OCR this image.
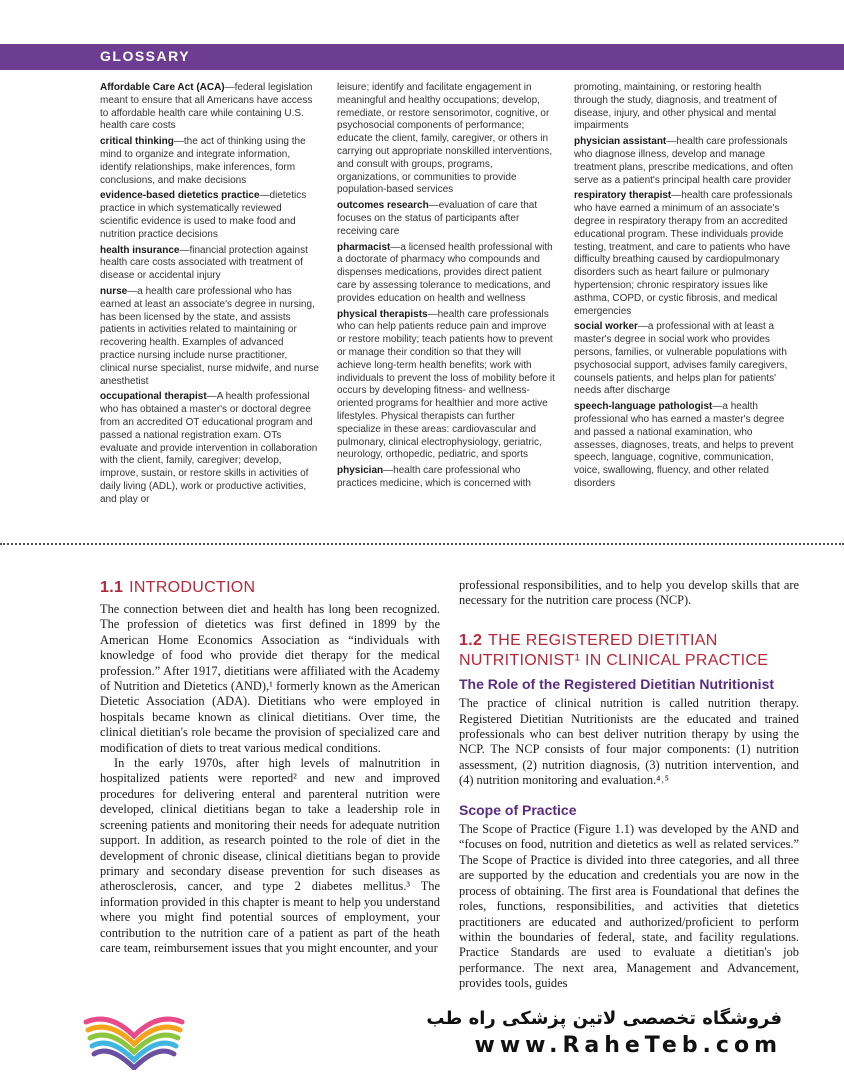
GLOSSARY

Affordable Care Act (ACA)—federal legislation meant to ensure that all Americans have access to affordable health care while containing U.S. health care costs

critical thinking—the act of thinking using the mind to organize and integrate information, identify relationships, make inferences, form conclusions, and make decisions

evidence-based dietetics practice—dietetics practice in which systematically reviewed scientific evidence is used to make food and nutrition practice decisions

health insurance—financial protection against health care costs associated with treatment of disease or accidental injury

nurse—a health care professional who has earned at least an associate's degree in nursing, has been licensed by the state, and assists patients in activities related to maintaining or recovering health. Examples of advanced practice nursing include nurse practitioner, clinical nurse specialist, nurse midwife, and nurse anesthetist

occupational therapist—A health professional who has obtained a master's or doctoral degree from an accredited OT educational program and passed a national registration exam. OTs evaluate and provide intervention in collaboration with the client, family, caregiver; develop, improve, sustain, or restore skills in activities of daily living (ADL), work or productive activities, and play or

leisure; identify and facilitate engagement in meaningful and healthy occupations; develop, remediate, or restore sensorimotor, cognitive, or psychosocial components of performance; educate the client, family, caregiver, or others in carrying out appropriate nonskilled interventions, and consult with groups, programs, organizations, or communities to provide population-based services

outcomes research—evaluation of care that focuses on the status of participants after receiving care

pharmacist—a licensed health professional with a doctorate of pharmacy who compounds and dispenses medications, provides direct patient care by assessing tolerance to medications, and provides education on health and wellness

physical therapists—health care professionals who can help patients reduce pain and improve or restore mobility; teach patients how to prevent or manage their condition so that they will achieve long-term health benefits; work with individuals to prevent the loss of mobility before it occurs by developing fitness- and wellness-oriented programs for healthier and more active lifestyles. Physical therapists can further specialize in these areas: cardiovascular and pulmonary, clinical electrophysiology, geriatric, neurology, orthopedic, pediatric, and sports

physician—health care professional who practices medicine, which is concerned with

promoting, maintaining, or restoring health through the study, diagnosis, and treatment of disease, injury, and other physical and mental impairments

physician assistant—health care professionals who diagnose illness, develop and manage treatment plans, prescribe medications, and often serve as a patient's principal health care provider

respiratory therapist—health care professionals who have earned a minimum of an associate's degree in respiratory therapy from an accredited educational program. These individuals provide testing, treatment, and care to patients who have difficulty breathing caused by cardiopulmonary disorders such as heart failure or pulmonary hypertension; chronic respiratory issues like asthma, COPD, or cystic fibrosis, and medical emergencies

social worker—a professional with at least a master's degree in social work who provides persons, families, or vulnerable populations with psychosocial support, advises family caregivers, counsels patients, and helps plan for patients' needs after discharge

speech-language pathologist—a health professional who has earned a master's degree and passed a national examination, who assesses, diagnoses, treats, and helps to prevent speech, language, cognitive, communication, voice, swallowing, fluency, and other related disorders

1.1 INTRODUCTION

The connection between diet and health has long been recognized. The profession of dietetics was first defined in 1899 by the American Home Economics Association as “individuals with knowledge of food who provide diet therapy for the medical profession.” After 1917, dietitians were affiliated with the Academy of Nutrition and Dietetics (AND),¹ formerly known as the American Dietetic Association (ADA). Dietitians who were employed in hospitals became known as clinical dietitians. Over time, the clinical dietitian's role became the provision of specialized care and modification of diets to treat various medical conditions.

In the early 1970s, after high levels of malnutrition in hospitalized patients were reported² and new and improved procedures for delivering enteral and parenteral nutrition were developed, clinical dietitians began to take a leadership role in screening patients and monitoring their needs for adequate nutrition support. In addition, as research pointed to the role of diet in the development of chronic disease, clinical dietitians began to provide primary and secondary disease prevention for such diseases as atherosclerosis, cancer, and type 2 diabetes mellitus.³ The information provided in this chapter is meant to help you understand where you might find potential sources of employment, your contribution to the nutrition care of a patient as part of the heath care team, reimbursement issues that you might encounter, and your

professional responsibilities, and to help you develop skills that are necessary for the nutrition care process (NCP).

1.2 THE REGISTERED DIETITIAN NUTRITIONIST¹ IN CLINICAL PRACTICE
The Role of the Registered Dietitian Nutritionist

The practice of clinical nutrition is called nutrition therapy. Registered Dietitian Nutritionists are the educated and trained professionals who can best deliver nutrition therapy by using the NCP. The NCP consists of four major components: (1) nutrition assessment, (2) nutrition diagnosis, (3) nutrition intervention, and (4) nutrition monitoring and evaluation.⁴˒⁵

Scope of Practice

The Scope of Practice (Figure 1.1) was developed by the AND and “focuses on food, nutrition and dietetics as well as related services.” The Scope of Practice is divided into three categories, and all three are supported by the education and credentials you are now in the process of obtaining. The first area is Foundational that defines the roles, functions, responsibilities, and activities that dietetics practitioners are educated and authorized/proficient to perform within the boundaries of federal, state, and facility regulations. Practice Standards are used to evaluate a dietitian's job performance. The next area, Management and Advancement, provides tools, guides

فروشگاه تخصصی لاتین پزشکی راه طب
www.RaheTeb.com
